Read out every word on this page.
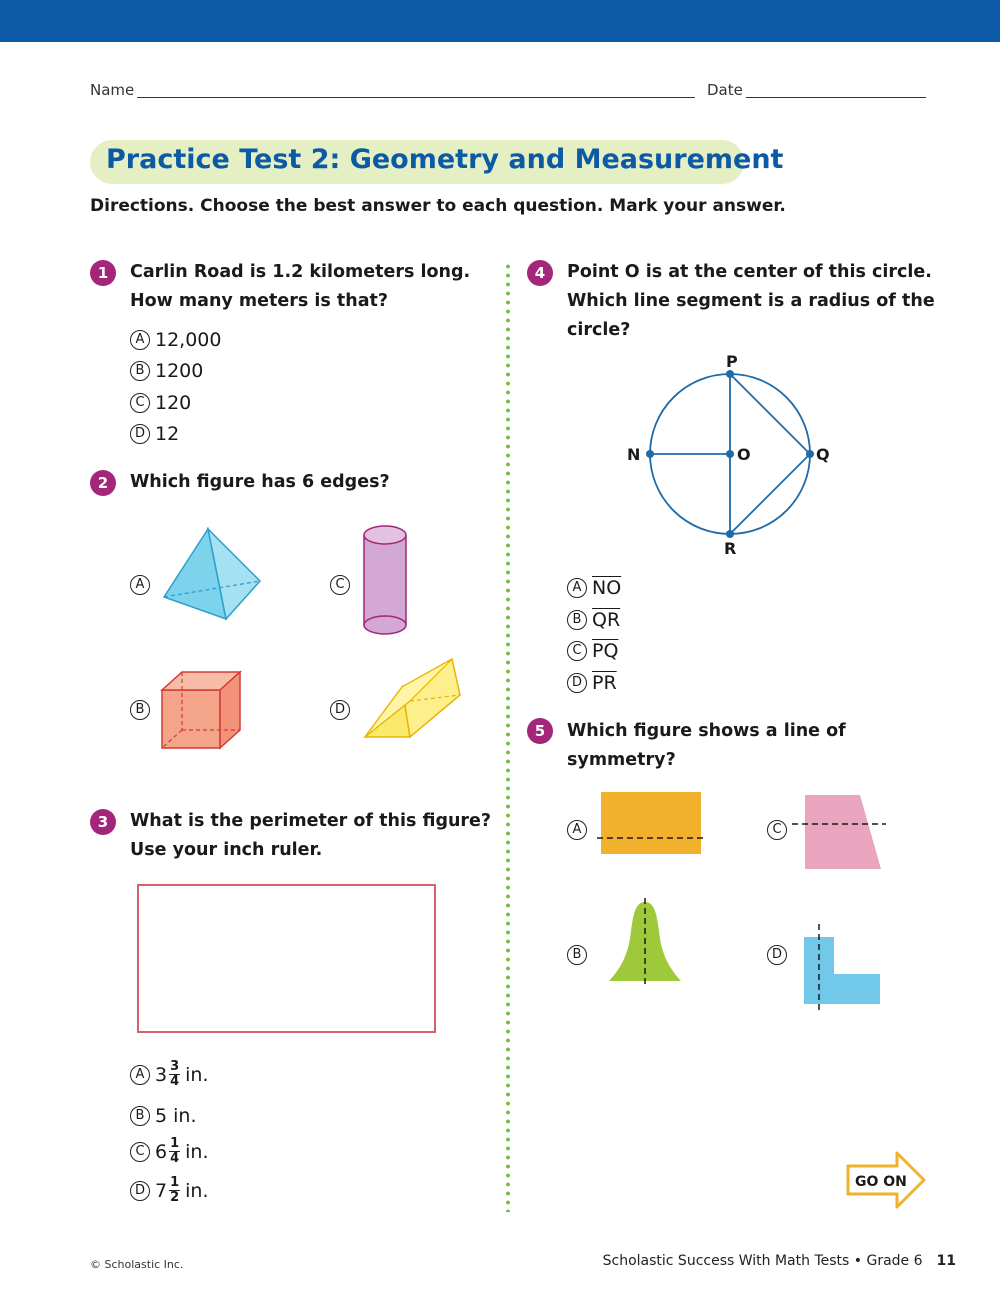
Name	Date
Practice Test 2: Geometry and Measurement
Directions. Choose the best answer to each question. Mark your answer.
1	Carlin Road is 1.2 kilometers long.
How many meters is that?
A 12,000
B 1200
C 120
D 12
2	Which figure has 6 edges?
A	C
B	D
3	What is the perimeter of this figure?
Use your inch ruler.
A $3 \frac{3}{4}$ in.
B 5 in.
C $6 \frac{1}{4}$ in.
D $7 \frac{1}{2}$ in.
4	Point O is at the center of this circle.
Which line segment is a radius of the
circle?
P
O
N	Q
R
A $\overline{NO}$
B $\overline{QR}$
C $\overline{PQ}$
D $\overline{PR}$
5	Which figure shows a line of
symmetry?
A	C
B	D
GO ON
© Scholastic Inc.	Scholastic Success With Math Tests • Grade 6 11
